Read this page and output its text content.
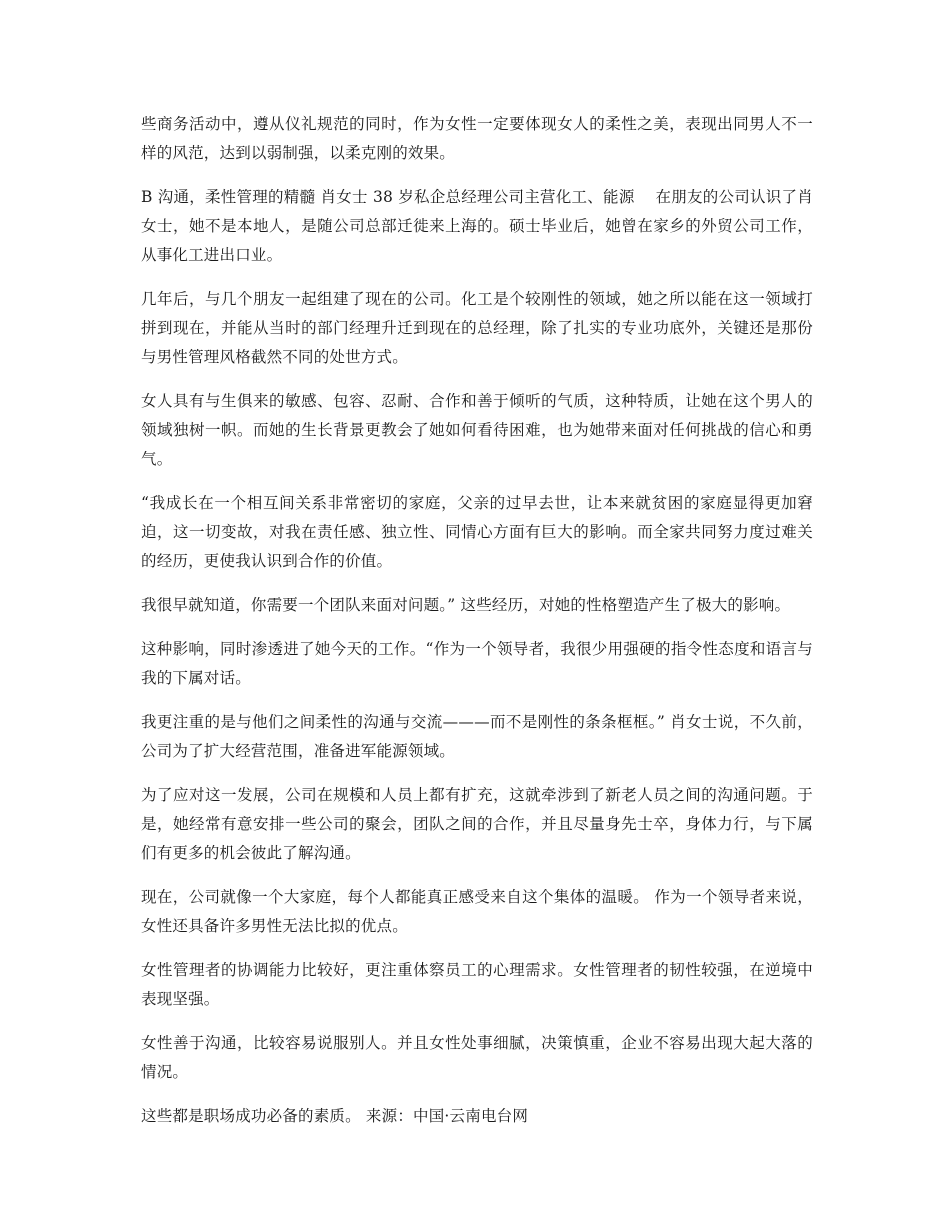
些商务活动中，遵从仪礼规范的同时，作为女性一定要体现女人的柔性之美，表现出同男人不一样的风范，达到以弱制强，以柔克刚的效果。

B 沟通，柔性管理的精髓 肖女士 38 岁私企总经理公司主营化工、能源　 在朋友的公司认识了肖女士，她不是本地人，是随公司总部迁徙来上海的。硕士毕业后，她曾在家乡的外贸公司工作，从事化工进出口业。

几年后，与几个朋友一起组建了现在的公司。化工是个较刚性的领域，她之所以能在这一领域打拼到现在，并能从当时的部门经理升迁到现在的总经理，除了扎实的专业功底外，关键还是那份与男性管理风格截然不同的处世方式。

女人具有与生俱来的敏感、包容、忍耐、合作和善于倾听的气质，这种特质，让她在这个男人的领域独树一帜。而她的生长背景更教会了她如何看待困难，也为她带来面对任何挑战的信心和勇气。

“我成长在一个相互间关系非常密切的家庭，父亲的过早去世，让本来就贫困的家庭显得更加窘迫，这一切变故，对我在责任感、独立性、同情心方面有巨大的影响。而全家共同努力度过难关的经历，更使我认识到合作的价值。

我很早就知道，你需要一个团队来面对问题。” 这些经历，对她的性格塑造产生了极大的影响。

这种影响，同时渗透进了她今天的工作。“作为一个领导者，我很少用强硬的指令性态度和语言与我的下属对话。

我更注重的是与他们之间柔性的沟通与交流———而不是刚性的条条框框。” 肖女士说，不久前，公司为了扩大经营范围，准备进军能源领域。

为了应对这一发展，公司在规模和人员上都有扩充，这就牵涉到了新老人员之间的沟通问题。于是，她经常有意安排一些公司的聚会，团队之间的合作，并且尽量身先士卒，身体力行，与下属们有更多的机会彼此了解沟通。

现在，公司就像一个大家庭，每个人都能真正感受来自这个集体的温暖。 作为一个领导者来说，女性还具备许多男性无法比拟的优点。

女性管理者的协调能力比较好，更注重体察员工的心理需求。女性管理者的韧性较强，在逆境中表现坚强。

女性善于沟通，比较容易说服别人。并且女性处事细腻，决策慎重，企业不容易出现大起大落的情况。

这些都是职场成功必备的素质。 来源：中国·云南电台网
